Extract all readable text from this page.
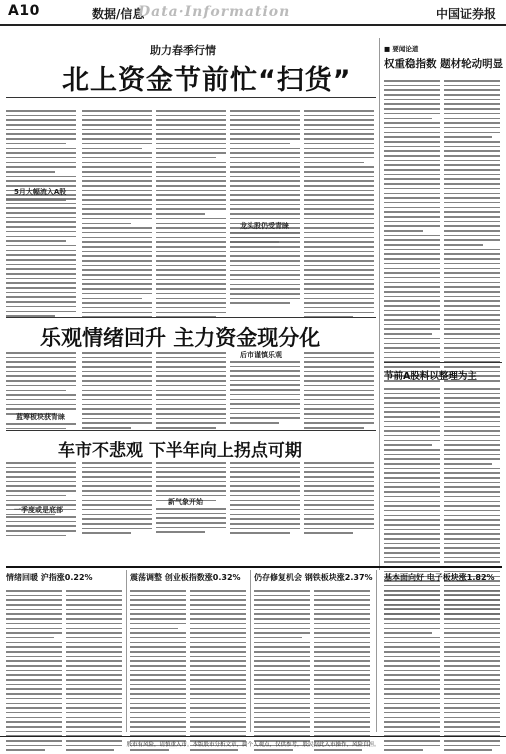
A10	数据/信息
Data·Information	中国证券报
助力春季行情
北上资金节前忙“扫货”
5月大幅流入A股
龙头股仍受青睐
■ 要闻论道
权重稳指数 题材轮动明显
节前A股料以整理为主
乐观情绪回升 主力资金现分化
蓝筹板块获青睐
后市谨慎乐观
车市不悲观 下半年向上拐点可期
一季度或是底部
新气象开始
情绪回暖 沪指涨0.22%	震荡调整 创业板指数涨0.32% 仍存修复机会 钢铁板块涨2.37% 基本面向好 电子板块涨1.82%
股市有风险，请慎重入市。本版股市分析文章，属个人观点，仅供参考，股民据此入市操作，风险自担。
